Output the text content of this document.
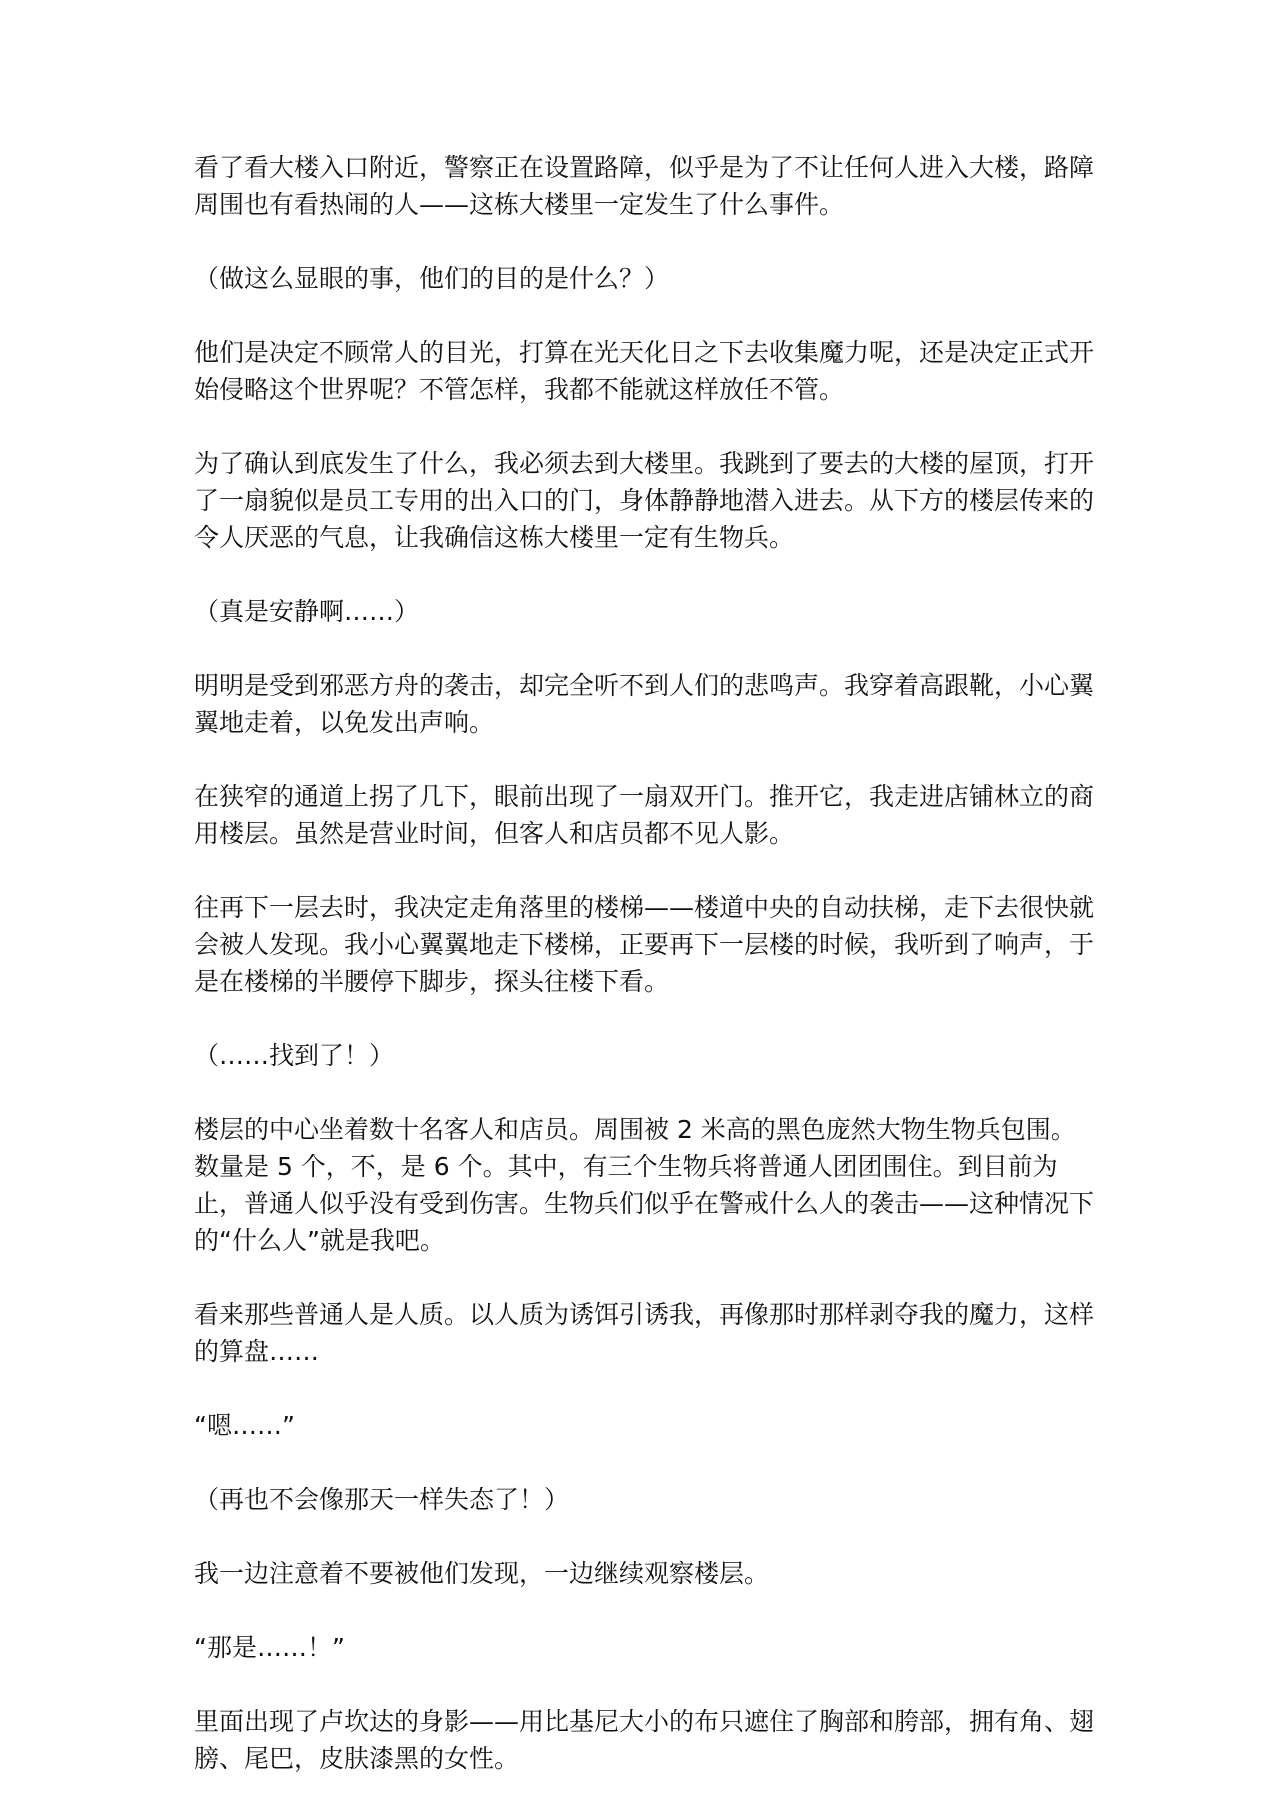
看了看大楼入口附近，警察正在设置路障，似乎是为了不让任何人进入大楼，路障周围也有看热闹的人——这栋大楼里一定发生了什么事件。

（做这么显眼的事，他们的目的是什么？）

他们是决定不顾常人的目光，打算在光天化日之下去收集魔力呢，还是决定正式开始侵略这个世界呢？不管怎样，我都不能就这样放任不管。

为了确认到底发生了什么，我必须去到大楼里。我跳到了要去的大楼的屋顶，打开了一扇貌似是员工专用的出入口的门，身体静静地潜入进去。从下方的楼层传来的令人厌恶的气息，让我确信这栋大楼里一定有生物兵。

（真是安静啊……）

明明是受到邪恶方舟的袭击，却完全听不到人们的悲鸣声。我穿着高跟靴，小心翼翼地走着，以免发出声响。

在狭窄的通道上拐了几下，眼前出现了一扇双开门。推开它，我走进店铺林立的商用楼层。虽然是营业时间，但客人和店员都不见人影。

往再下一层去时，我决定走角落里的楼梯——楼道中央的自动扶梯，走下去很快就会被人发现。我小心翼翼地走下楼梯，正要再下一层楼的时候，我听到了响声，于是在楼梯的半腰停下脚步，探头往楼下看。

（……找到了！）

楼层的中心坐着数十名客人和店员。周围被 2 米高的黑色庞然大物生物兵包围。数量是 5 个，不，是 6 个。其中，有三个生物兵将普通人团团围住。到目前为止，普通人似乎没有受到伤害。生物兵们似乎在警戒什么人的袭击——这种情况下的“什么人”就是我吧。

看来那些普通人是人质。以人质为诱饵引诱我，再像那时那样剥夺我的魔力，这样的算盘……

“嗯……”

（再也不会像那天一样失态了！）

我一边注意着不要被他们发现，一边继续观察楼层。

“那是……！”

里面出现了卢坎达的身影——用比基尼大小的布只遮住了胸部和胯部，拥有角、翅膀、尾巴，皮肤漆黑的女性。
